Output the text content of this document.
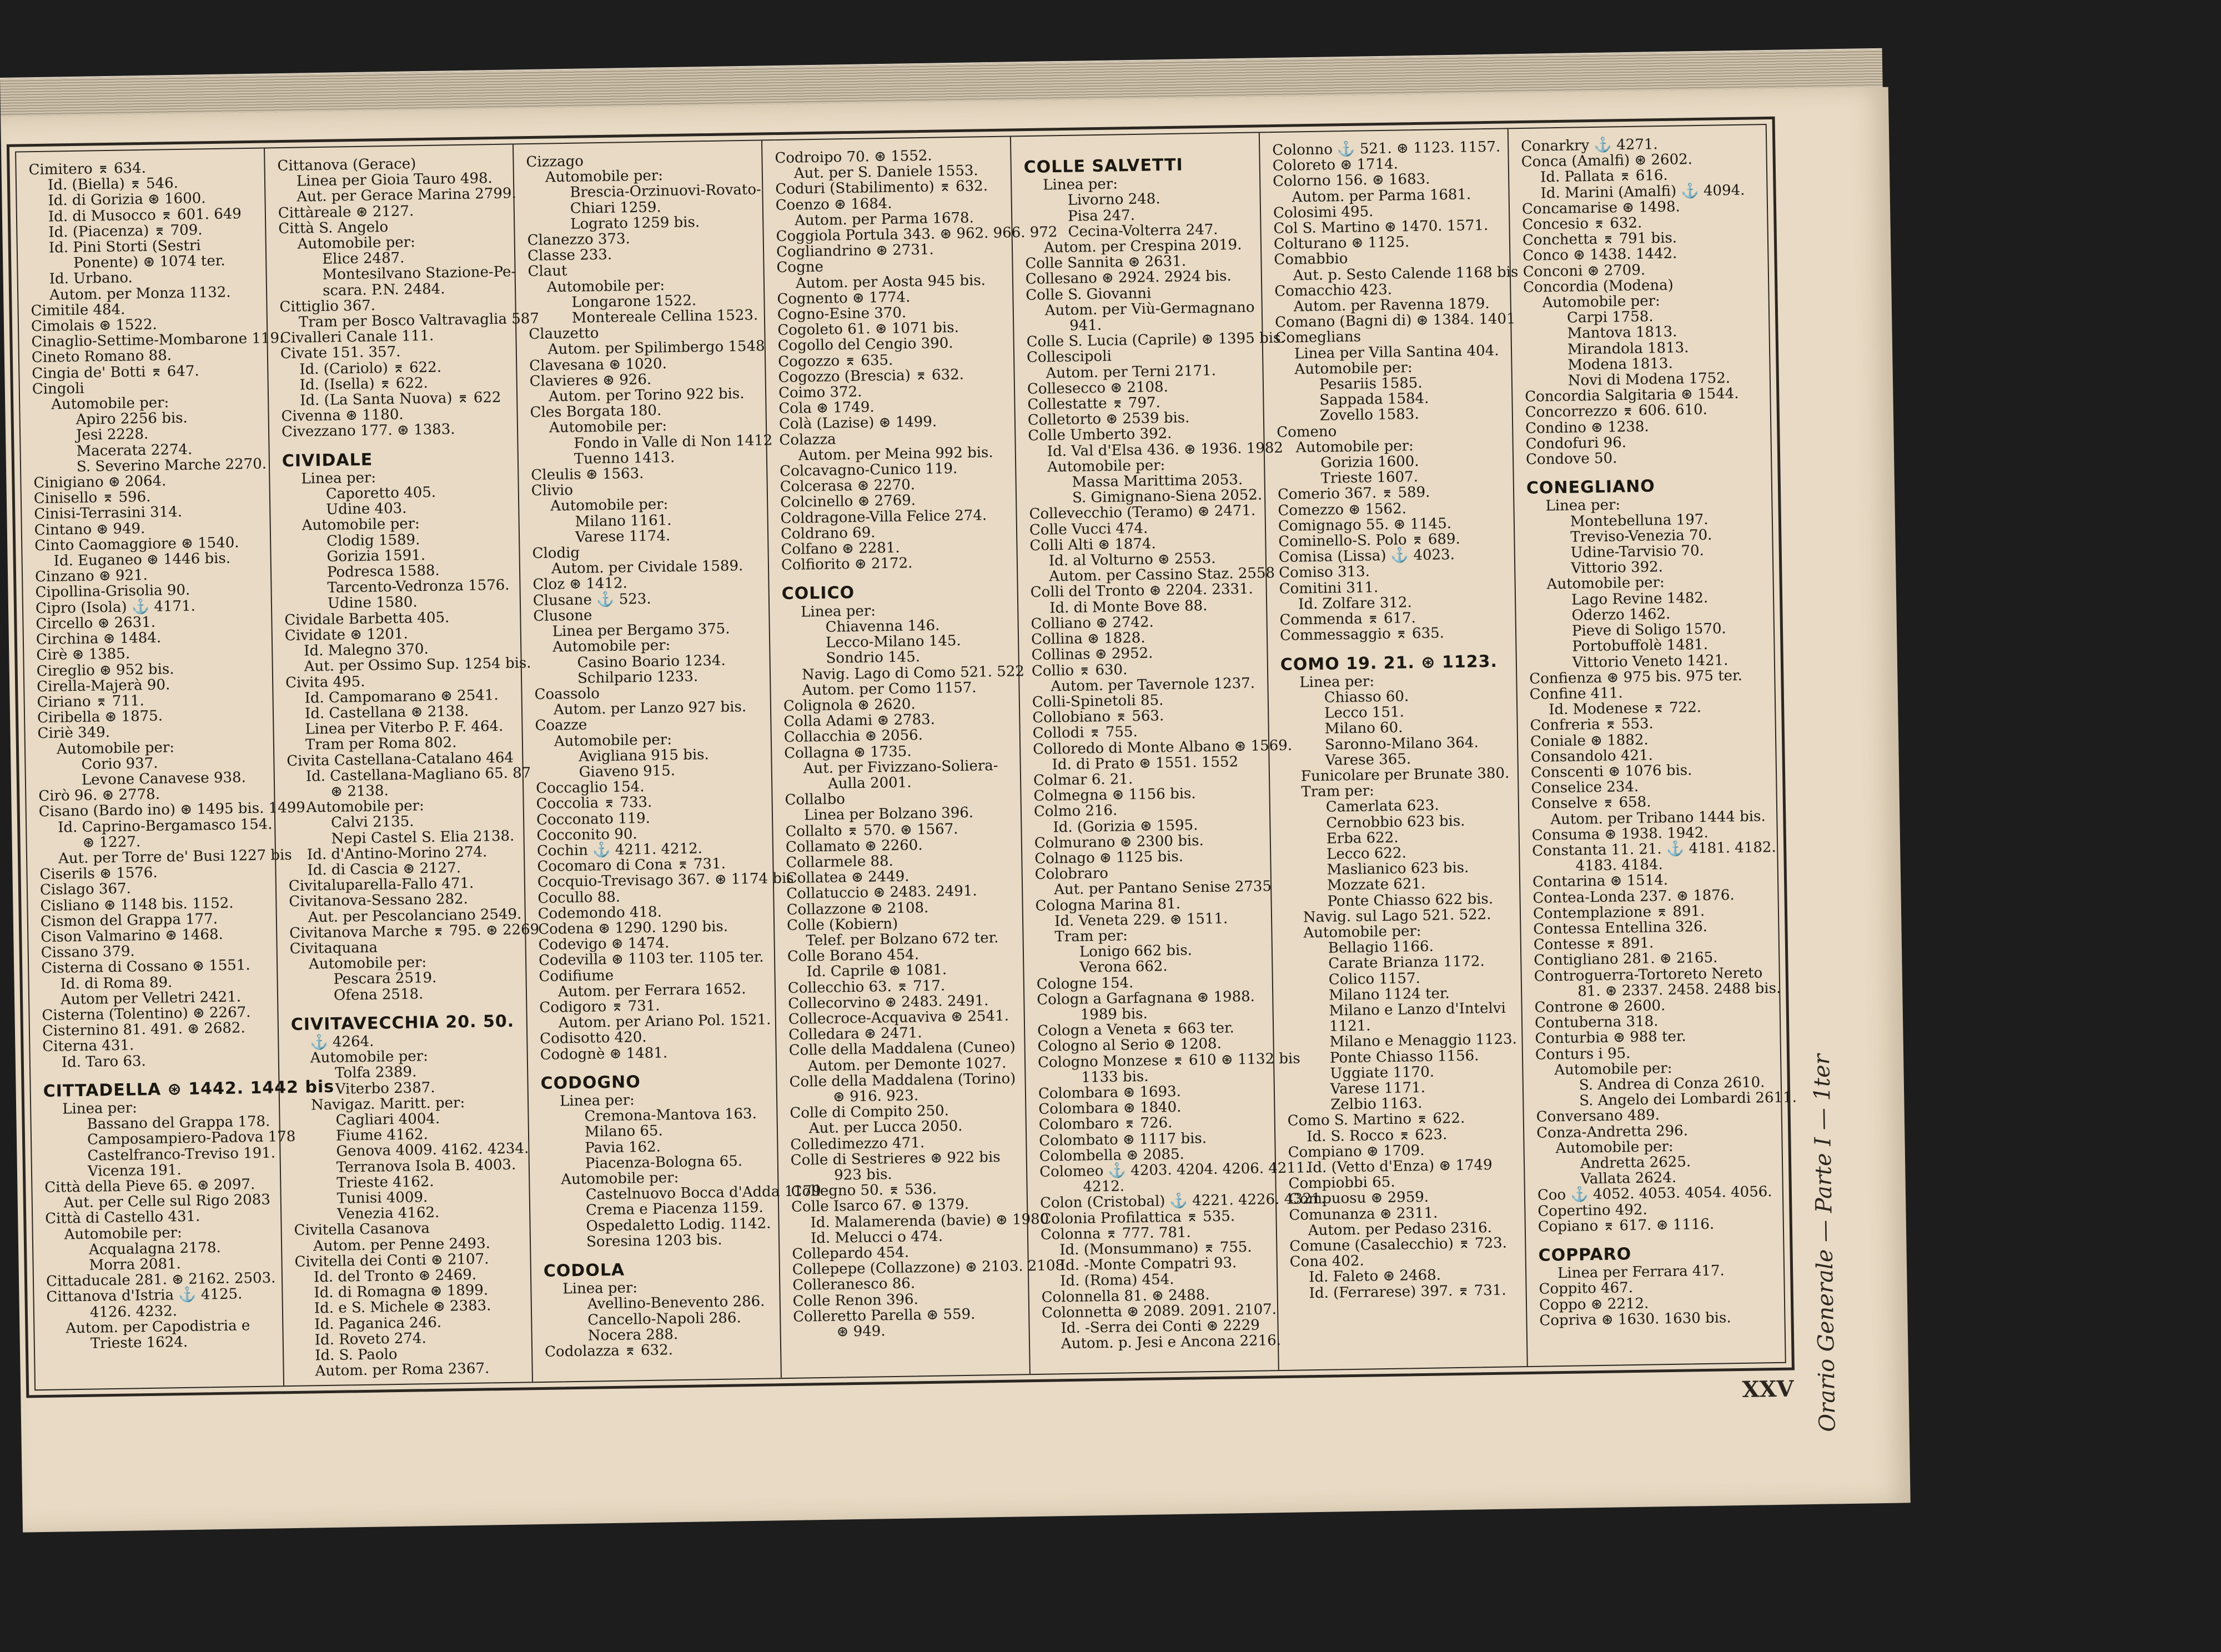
Cimitero ⌆ 634.
Id. (Biella) ⌆ 546.
Id. di Gorizia ⊛ 1600.
Id. di Musocco ⌆ 601. 649
Id. (Piacenza) ⌆ 709.
Id. Pini Storti (Sestri
Ponente) ⊛ 1074 ter.
Id. Urbano.
Autom. per Monza 1132.
Cimitile 484.
Cimolais ⊛ 1522.
Cinaglio-Settime-Mombarone 119.
Cineto Romano 88.
Cingia de' Botti ⌆ 647.
Cingoli
Automobile per:
Apiro 2256 bis.
Jesi 2228.
Macerata 2274.
S. Severino Marche 2270.
Cinigiano ⊛ 2064.
Cinisello ⌆ 596.
Cinisi-Terrasini 314.
Cintano ⊛ 949.
Cinto Caomaggiore ⊛ 1540.
Id. Euganeo ⊛ 1446 bis.
Cinzano ⊛ 921.
Cipollina-Grisolia 90.
Cipro (Isola) ⚓ 4171.
Circello ⊛ 2631.
Circhina ⊛ 1484.
Cirè ⊛ 1385.
Cireglio ⊛ 952 bis.
Cirella-Majerà 90.
Ciriano ⌆ 711.
Ciribella ⊛ 1875.
Ciriè 349.
Automobile per:
Corio 937.
Levone Canavese 938.
Cirò 96. ⊛ 2778.
Cisano (Bardo ino) ⊛ 1495 bis. 1499.
Id. Caprino-Bergamasco 154.
⊛ 1227.
Aut. per Torre de' Busi 1227 bis
Ciserils ⊛ 1576.
Cislago 367.
Cisliano ⊛ 1148 bis. 1152.
Cismon del Grappa 177.
Cison Valmarino ⊛ 1468.
Cissano 379.
Cisterna di Cossano ⊛ 1551.
Id. di Roma 89.
Autom per Velletri 2421.
Cisterna (Tolentino) ⊛ 2267.
Cisternino 81. 491. ⊛ 2682.
Citerna 431.
Id. Taro 63.
CITTADELLA ⊛ 1442. 1442 bis
Linea per:
Bassano del Grappa 178.
Camposampiero-Padova 178
Castelfranco-Treviso 191.
Vicenza 191.
Città della Pieve 65. ⊛ 2097.
Aut. per Celle sul Rigo 2083
Città di Castello 431.
Automobile per:
Acqualagna 2178.
Morra 2081.
Cittaducale 281. ⊛ 2162. 2503.
Cittanova d'Istria ⚓ 4125.
4126. 4232.
Autom. per Capodistria e
Trieste 1624.
Cittanova (Gerace)
Linea per Gioia Tauro 498.
Aut. per Gerace Marina 2799.
Cittàreale ⊛ 2127.
Città S. Angelo
Automobile per:
Elice 2487.
Montesilvano Stazione-Pe-
scara. P.N. 2484.
Cittiglio 367.
Tram per Bosco Valtravaglia 587
Civalleri Canale 111.
Civate 151. 357.
Id. (Cariolo) ⌆ 622.
Id. (Isella) ⌆ 622.
Id. (La Santa Nuova) ⌆ 622
Civenna ⊛ 1180.
Civezzano 177. ⊛ 1383.
CIVIDALE
Linea per:
Caporetto 405.
Udine 403.
Automobile per:
Clodig 1589.
Gorizia 1591.
Podresca 1588.
Tarcento-Vedronza 1576.
Udine 1580.
Cividale Barbetta 405.
Cividate ⊛ 1201.
Id. Malegno 370.
Aut. per Ossimo Sup. 1254 bis.
Civita 495.
Id. Campomarano ⊛ 2541.
Id. Castellana ⊛ 2138.
Linea per Viterbo P. F. 464.
Tram per Roma 802.
Civita Castellana-Catalano 464
Id. Castellana-Magliano 65. 87
⊛ 2138.
Automobile per:
Calvi 2135.
Nepi Castel S. Elia 2138.
Id. d'Antino-Morino 274.
Id. di Cascia ⊛ 2127.
Civitaluparella-Fallo 471.
Civitanova-Sessano 282.
Aut. per Pescolanciano 2549.
Civitanova Marche ⌆ 795. ⊛ 2269
Civitaquana
Automobile per:
Pescara 2519.
Ofena 2518.
CIVITAVECCHIA 20. 50.
⚓ 4264.
Automobile per:
Tolfa 2389.
Viterbo 2387.
Navigaz. Maritt. per:
Cagliari 4004.
Fiume 4162.
Genova 4009. 4162. 4234.
Terranova Isola B. 4003.
Trieste 4162.
Tunisi 4009.
Venezia 4162.
Civitella Casanova
Autom. per Penne 2493.
Civitella dei Conti ⊛ 2107.
Id. del Tronto ⊛ 2469.
Id. di Romagna ⊛ 1899.
Id. e S. Michele ⊛ 2383.
Id. Paganica 246.
Id. Roveto 274.
Id. S. Paolo
Autom. per Roma 2367.
Cizzago
Automobile per:
Brescia-Orzinuovi-Rovato-
Chiari 1259.
Lograto 1259 bis.
Clanezzo 373.
Classe 233.
Claut
Automobile per:
Longarone 1522.
Montereale Cellina 1523.
Clauzetto
Autom. per Spilimbergo 1548
Clavesana ⊛ 1020.
Clavieres ⊛ 926.
Autom. per Torino 922 bis.
Cles Borgata 180.
Automobile per:
Fondo in Valle di Non 1412
Tuenno 1413.
Cleulis ⊛ 1563.
Clivio
Automobile per:
Milano 1161.
Varese 1174.
Clodig
Autom. per Cividale 1589.
Cloz ⊛ 1412.
Clusane ⚓ 523.
Clusone
Linea per Bergamo 375.
Automobile per:
Casino Boario 1234.
Schilpario 1233.
Coassolo
Autom. per Lanzo 927 bis.
Coazze
Automobile per:
Avigliana 915 bis.
Giaveno 915.
Coccaglio 154.
Coccolia ⌆ 733.
Cocconato 119.
Cocconito 90.
Cochin ⚓ 4211. 4212.
Cocomaro di Cona ⌆ 731.
Cocquio-Trevisago 367. ⊛ 1174 bis
Cocullo 88.
Codemondo 418.
Codena ⊛ 1290. 1290 bis.
Codevigo ⊛ 1474.
Codevilla ⊛ 1103 ter. 1105 ter.
Codifiume
Autom. per Ferrara 1652.
Codigoro ⌆ 731.
Autom. per Ariano Pol. 1521.
Codisotto 420.
Codognè ⊛ 1481.
CODOGNO
Linea per:
Cremona-Mantova 163.
Milano 65.
Pavia 162.
Piacenza-Bologna 65.
Automobile per:
Castelnuovo Bocca d'Adda 1179
Crema e Piacenza 1159.
Ospedaletto Lodig. 1142.
Soresina 1203 bis.
CODOLA
Linea per:
Avellino-Benevento 286.
Cancello-Napoli 286.
Nocera 288.
Codolazza ⌆ 632.
Codroipo 70. ⊛ 1552.
Aut. per S. Daniele 1553.
Coduri (Stabilimento) ⌆ 632.
Coenzo ⊛ 1684.
Autom. per Parma 1678.
Coggiola Portula 343. ⊛ 962. 966. 972
Cogliandrino ⊛ 2731.
Cogne
Autom. per Aosta 945 bis.
Cognento ⊛ 1774.
Cogno-Esine 370.
Cogoleto 61. ⊛ 1071 bis.
Cogollo del Cengio 390.
Cogozzo ⌆ 635.
Cogozzo (Brescia) ⌆ 632.
Coimo 372.
Cola ⊛ 1749.
Colà (Lazise) ⊛ 1499.
Colazza
Autom. per Meina 992 bis.
Colcavagno-Cunico 119.
Colcerasa ⊛ 2270.
Colcinello ⊛ 2769.
Coldragone-Villa Felice 274.
Coldrano 69.
Colfano ⊛ 2281.
Colfiorito ⊛ 2172.
COLICO
Linea per:
Chiavenna 146.
Lecco-Milano 145.
Sondrio 145.
Navig. Lago di Como 521. 522
Autom. per Como 1157.
Colignola ⊛ 2620.
Colla Adami ⊛ 2783.
Collacchia ⊛ 2056.
Collagna ⊛ 1735.
Aut. per Fivizzano-Soliera-
Aulla 2001.
Collalbo
Linea per Bolzano 396.
Collalto ⌆ 570. ⊛ 1567.
Collamato ⊛ 2260.
Collarmele 88.
Collatea ⊛ 2449.
Collatuccio ⊛ 2483. 2491.
Collazzone ⊛ 2108.
Colle (Kobiern)
Telef. per Bolzano 672 ter.
Colle Borano 454.
Id. Caprile ⊛ 1081.
Collecchio 63. ⌆ 717.
Collecorvino ⊛ 2483. 2491.
Collecroce-Acquaviva ⊛ 2541.
Colledara ⊛ 2471.
Colle della Maddalena (Cuneo)
Autom. per Demonte 1027.
Colle della Maddalena (Torino)
⊛ 916. 923.
Colle di Compito 250.
Aut. per Lucca 2050.
Colledimezzo 471.
Colle di Sestrieres ⊛ 922 bis
923 bis.
Collegno 50. ⌆ 536.
Colle Isarco 67. ⊛ 1379.
Id. Malamerenda (bavie) ⊛ 1980
Id. Melucci o 474.
Collepardo 454.
Collepepe (Collazzone) ⊛ 2103. 2108
Colleranesco 86.
Colle Renon 396.
Colleretto Parella ⊛ 559.
⊛ 949.
COLLE SALVETTI
Linea per:
Livorno 248.
Pisa 247.
Cecina-Volterra 247.
Autom. per Crespina 2019.
Colle Sannita ⊛ 2631.
Collesano ⊛ 2924. 2924 bis.
Colle S. Giovanni
Autom. per Viù-Germagnano
941.
Colle S. Lucia (Caprile) ⊛ 1395 bis.
Collescipoli
Autom. per Terni 2171.
Collesecco ⊛ 2108.
Collestatte ⌆ 797.
Colletorto ⊛ 2539 bis.
Colle Umberto 392.
Id. Val d'Elsa 436. ⊛ 1936. 1982
Automobile per:
Massa Marittima 2053.
S. Gimignano-Siena 2052.
Collevecchio (Teramo) ⊛ 2471.
Colle Vucci 474.
Colli Alti ⊛ 1874.
Id. al Volturno ⊛ 2553.
Autom. per Cassino Staz. 2558
Colli del Tronto ⊛ 2204. 2331.
Id. di Monte Bove 88.
Colliano ⊛ 2742.
Collina ⊛ 1828.
Collinas ⊛ 2952.
Collio ⌆ 630.
Autom. per Tavernole 1237.
Colli-Spinetoli 85.
Collobiano ⌆ 563.
Collodi ⌆ 755.
Colloredo di Monte Albano ⊛ 1569.
Id. di Prato ⊛ 1551. 1552
Colmar 6. 21.
Colmegna ⊛ 1156 bis.
Colmo 216.
Id. (Gorizia ⊛ 1595.
Colmurano ⊛ 2300 bis.
Colnago ⊛ 1125 bis.
Colobraro
Aut. per Pantano Senise 2735
Cologna Marina 81.
Id. Veneta 229. ⊛ 1511.
Tram per:
Lonigo 662 bis.
Verona 662.
Cologne 154.
Cologn a Garfagnana ⊛ 1988.
1989 bis.
Cologn a Veneta ⌆ 663 ter.
Cologno al Serio ⊛ 1208.
Cologno Monzese ⌆ 610 ⊛ 1132 bis
1133 bis.
Colombara ⊛ 1693.
Colombara ⊛ 1840.
Colombaro ⌆ 726.
Colombato ⊛ 1117 bis.
Colombella ⊛ 2085.
Colomeo ⚓ 4203. 4204. 4206. 4211.
4212.
Colon (Cristobal) ⚓ 4221. 4226. 4321.
Colonia Profilattica ⌆ 535.
Colonna ⌆ 777. 781.
Id. (Monsummano) ⌆ 755.
Id. -Monte Compatri 93.
Id. (Roma) 454.
Colonnella 81. ⊛ 2488.
Colonnetta ⊛ 2089. 2091. 2107.
Id. -Serra dei Conti ⊛ 2229
Autom. p. Jesi e Ancona 2216.
Colonno ⚓ 521. ⊛ 1123. 1157.
Coloreto ⊛ 1714.
Colorno 156. ⊛ 1683.
Autom. per Parma 1681.
Colosimi 495.
Col S. Martino ⊛ 1470. 1571.
Colturano ⊛ 1125.
Comabbio
Aut. p. Sesto Calende 1168 bis
Comacchio 423.
Autom. per Ravenna 1879.
Comano (Bagni di) ⊛ 1384. 1401
Comeglians
Linea per Villa Santina 404.
Automobile per:
Pesariis 1585.
Sappada 1584.
Zovello 1583.
Comeno
Automobile per:
Gorizia 1600.
Trieste 1607.
Comerio 367. ⌆ 589.
Comezzo ⊛ 1562.
Comignago 55. ⊛ 1145.
Cominello-S. Polo ⌆ 689.
Comisa (Lissa) ⚓ 4023.
Comiso 313.
Comitini 311.
Id. Zolfare 312.
Commenda ⌆ 617.
Commessaggio ⌆ 635.
COMO 19. 21. ⊛ 1123.
Linea per:
Chiasso 60.
Lecco 151.
Milano 60.
Saronno-Milano 364.
Varese 365.
Funicolare per Brunate 380.
Tram per:
Camerlata 623.
Cernobbio 623 bis.
Erba 622.
Lecco 622.
Maslianico 623 bis.
Mozzate 621.
Ponte Chiasso 622 bis.
Navig. sul Lago 521. 522.
Automobile per:
Bellagio 1166.
Carate Brianza 1172.
Colico 1157.
Milano 1124 ter.
Milano e Lanzo d'Intelvi
1121.
Milano e Menaggio 1123.
Ponte Chiasso 1156.
Uggiate 1170.
Varese 1171.
Zelbio 1163.
Como S. Martino ⌆ 622.
Id. S. Rocco ⌆ 623.
Compiano ⊛ 1709.
Id. (Vetto d'Enza) ⊛ 1749
Compiobbi 65.
Compuosu ⊛ 2959.
Comunanza ⊛ 2311.
Autom. per Pedaso 2316.
Comune (Casalecchio) ⌆ 723.
Cona 402.
Id. Faleto ⊛ 2468.
Id. (Ferrarese) 397. ⌆ 731.
Conarkry ⚓ 4271.
Conca (Amalfi) ⊛ 2602.
Id. Pallata ⌆ 616.
Id. Marini (Amalfi) ⚓ 4094.
Concamarise ⊛ 1498.
Concesio ⌆ 632.
Conchetta ⌆ 791 bis.
Conco ⊛ 1438. 1442.
Conconi ⊛ 2709.
Concordia (Modena)
Automobile per:
Carpi 1758.
Mantova 1813.
Mirandola 1813.
Modena 1813.
Novi di Modena 1752.
Concordia Salgitaria ⊛ 1544.
Concorrezzo ⌆ 606. 610.
Condino ⊛ 1238.
Condofuri 96.
Condove 50.
CONEGLIANO
Linea per:
Montebelluna 197.
Treviso-Venezia 70.
Udine-Tarvisio 70.
Vittorio 392.
Automobile per:
Lago Revine 1482.
Oderzo 1462.
Pieve di Soligo 1570.
Portobuffolè 1481.
Vittorio Veneto 1421.
Confienza ⊛ 975 bis. 975 ter.
Confine 411.
Id. Modenese ⌆ 722.
Confreria ⌆ 553.
Coniale ⊛ 1882.
Consandolo 421.
Conscenti ⊛ 1076 bis.
Conselice 234.
Conselve ⌆ 658.
Autom. per Tribano 1444 bis.
Consuma ⊛ 1938. 1942.
Constanta 11. 21. ⚓ 4181. 4182.
4183. 4184.
Contarina ⊛ 1514.
Contea-Londa 237. ⊛ 1876.
Contemplazione ⌆ 891.
Contessa Entellina 326.
Contesse ⌆ 891.
Contigliano 281. ⊛ 2165.
Controguerra-Tortoreto Nereto
81. ⊛ 2337. 2458. 2488 bis.
Controne ⊛ 2600.
Contuberna 318.
Conturbia ⊛ 988 ter.
Conturs i 95.
Automobile per:
S. Andrea di Conza 2610.
S. Angelo dei Lombardi 2611.
Conversano 489.
Conza-Andretta 296.
Automobile per:
Andretta 2625.
Vallata 2624.
Coo ⚓ 4052. 4053. 4054. 4056.
Copertino 492.
Copiano ⌆ 617. ⊛ 1116.
COPPARO
Linea per Ferrara 417.
Coppito 467.
Coppo ⊛ 2212.
Copriva ⊛ 1630. 1630 bis.
XXV Orario Generale — Parte I — 1ter
